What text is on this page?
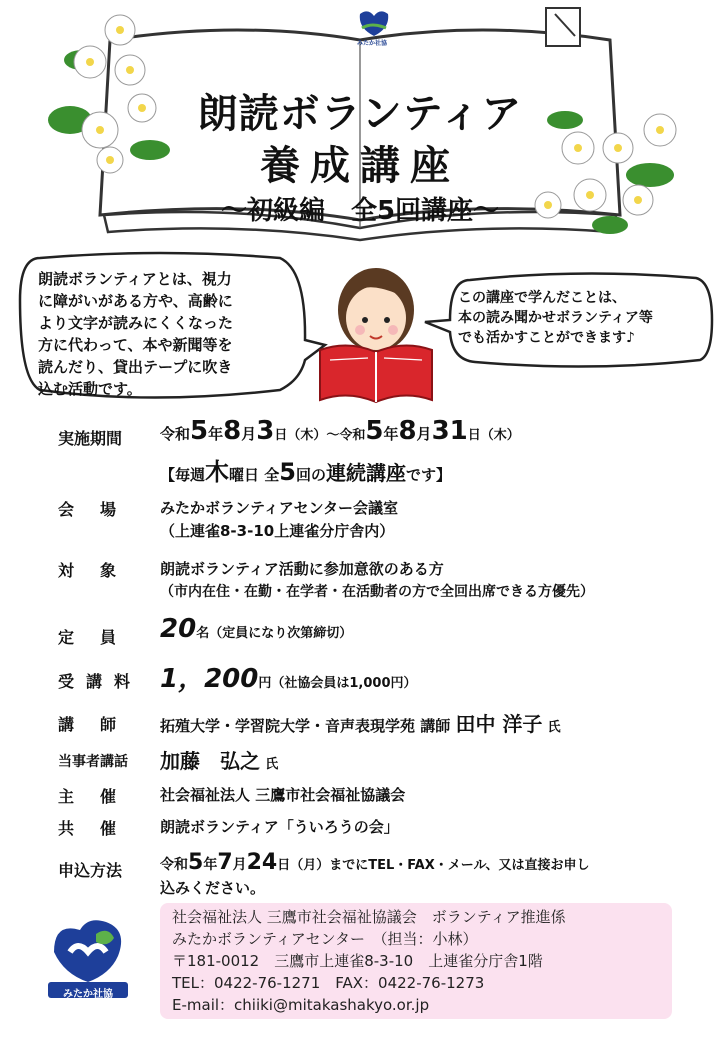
みたか社協
朗読ボランティア
養成講座
～初級編　全5回講座～
朗読ボランティアとは、視力
に障がいがある方や、高齢に
より文字が読みにくくなった
方に代わって、本や新聞等を
読んだり、貸出テープに吹き
込む活動です。
この講座で学んだことは、
本の読み聞かせボランティア等
でも活かすことができます♪
実施期間	令和5年8月3日（木）～令和5年8月31日（木）
【毎週木曜日 全5回の連続講座です】
会場 みたかボランティアセンター会議室
（上連雀8-3-10上連雀分庁舎内）
対象 朗読ボランティア活動に参加意欲のある方
（市内在住・在勤・在学者・在活動者の方で全回出席できる方優先）
定員 20名（定員になり次第締切）
受講料 1，200円（社協会員は1,000円）
講師 拓殖大学・学習院大学・音声表現学苑 講師 田中 洋子 氏
当事者講話 加藤　弘之 氏
主催 社会福祉法人 三鷹市社会福祉協議会
共催 朗読ボランティア「ういろうの会」
申込方法	令和5年7月24日（月）までにTEL・FAX・メール、又は直接お申し
込みください。
社会福祉法人 三鷹市社会福祉協議会　ボランティア推進係
みたかボランティアセンター　（担当：小林）
〒181-0012　三鷹市上連雀8-3-10　上連雀分庁舎1階
TEL：0422-76-1271　FAX：0422-76-1273
E-mail：chiiki@mitakashakyo.or.jp
みたか社協
